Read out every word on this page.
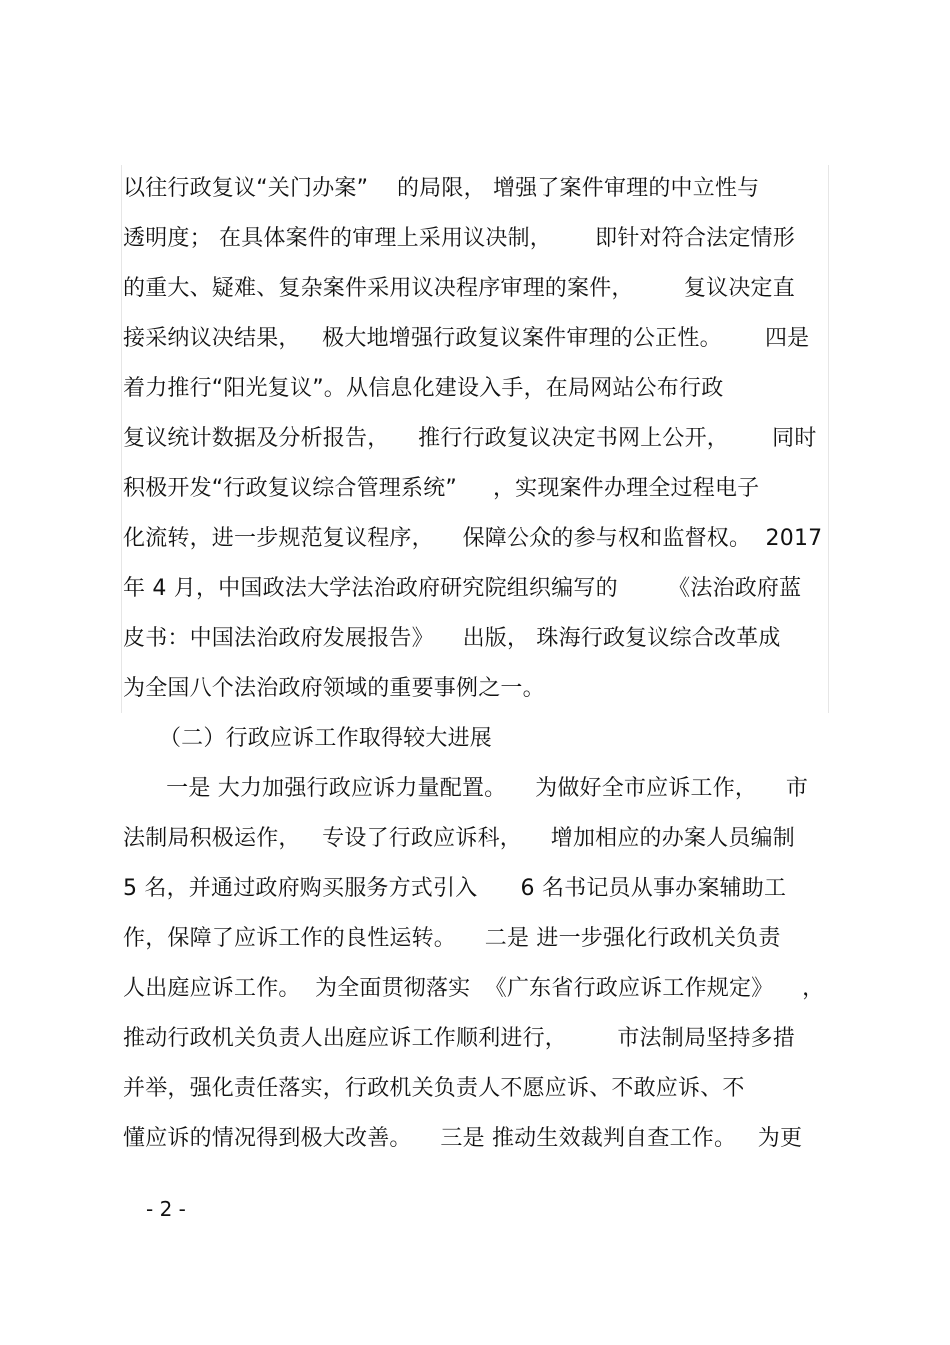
以往行政复议“关门办案”    的局限， 增强了案件审理的中立性与
透明度； 在具体案件的审理上采用议决制，      即针对符合法定情形
的重大、疑难、复杂案件采用议决程序审理的案件，       复议决定直
接采纳议决结果，   极大地增强行政复议案件审理的公正性。      四是
着力推行“阳光复议”。从信息化建设入手，在局网站公布行政
复议统计数据及分析报告，    推行行政复议决定书网上公开，      同时
积极开发“行政复议综合管理系统”     ，实现案件办理全过程电子
化流转，进一步规范复议程序，    保障公众的参与权和监督权。  2017
年 4 月，中国政法大学法治政府研究院组织编写的       《法治政府蓝
皮书：中国法治政府发展报告》    出版， 珠海行政复议综合改革成
为全国八个法治政府领域的重要事例之一。
（二）行政应诉工作取得较大进展
一是 大力加强行政应诉力量配置。    为做好全市应诉工作，    市
法制局积极运作，   专设了行政应诉科，    增加相应的办案人员编制
5 名，并通过政府购买服务方式引入      6 名书记员从事办案辅助工
作，保障了应诉工作的良性运转。    二是 进一步强化行政机关负责
人出庭应诉工作。  为全面贯彻落实  《广东省行政应诉工作规定》    ，
推动行政机关负责人出庭应诉工作顺利进行，       市法制局坚持多措
并举，强化责任落实，行政机关负责人不愿应诉、不敢应诉、不
懂应诉的情况得到极大改善。    三是 推动生效裁判自查工作。   为更
- 2 -
